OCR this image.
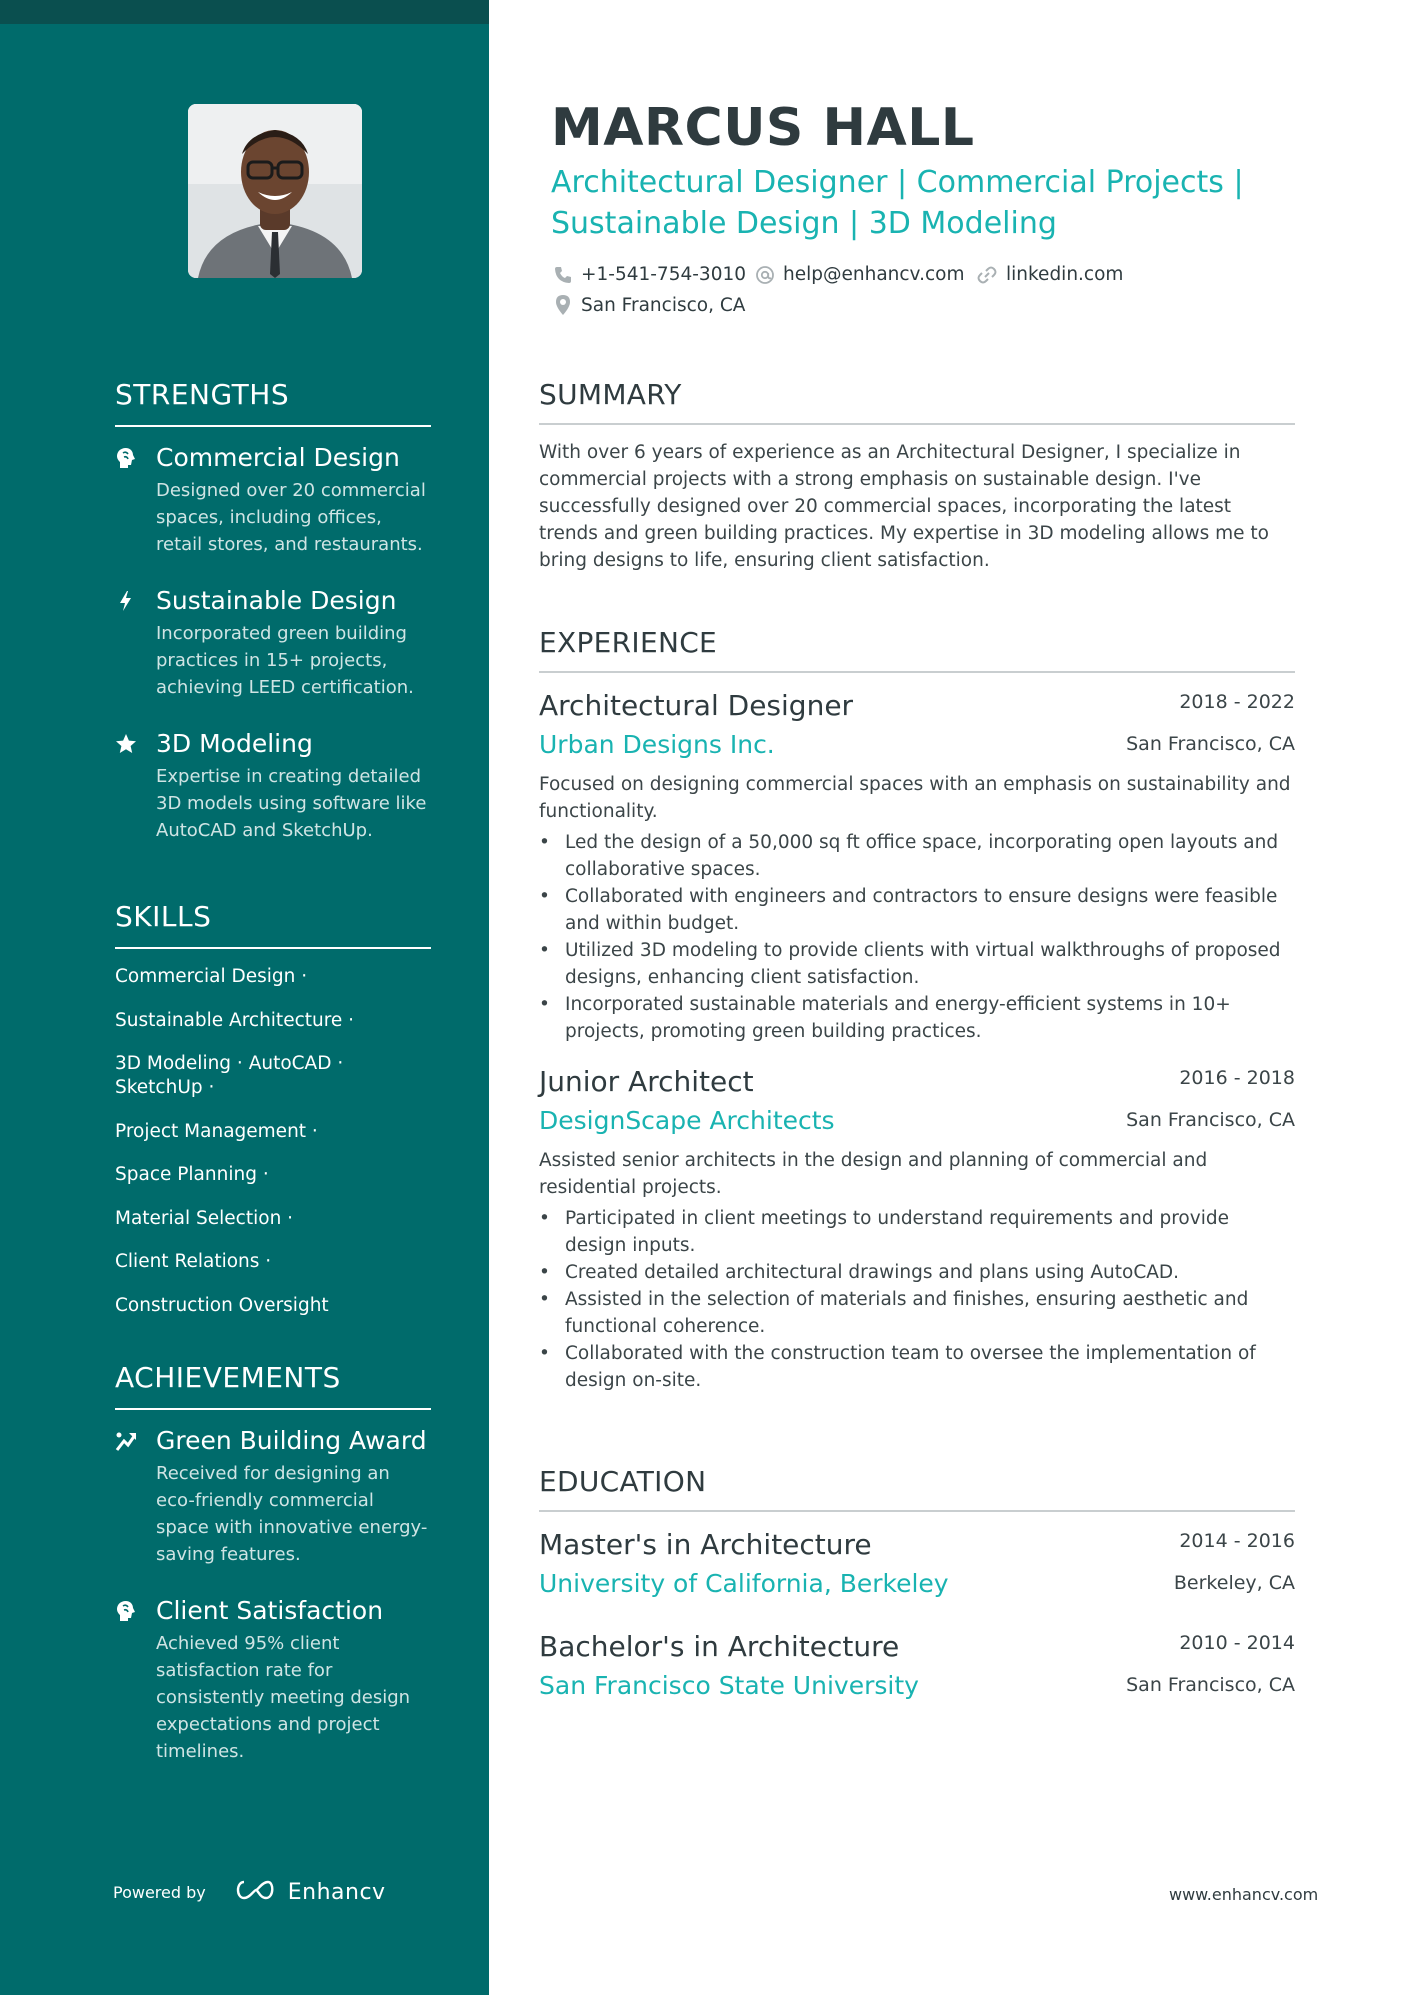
STRENGTHS
Commercial Design
Designed over 20 commercial spaces, including offices, retail stores, and restaurants.
Sustainable Design
Incorporated green building practices in 15+ projects, achieving LEED certification.
3D Modeling
Expertise in creating detailed 3D models using software like AutoCAD and SketchUp.
SKILLS
Commercial Design ·
Sustainable Architecture ·
3D Modeling · AutoCAD · SketchUp ·
Project Management ·
Space Planning ·
Material Selection ·
Client Relations ·
Construction Oversight
ACHIEVEMENTS
Green Building Award
Received for designing an eco-friendly commercial space with innovative energy-saving features.
Client Satisfaction
Achieved 95% client satisfaction rate for consistently meeting design expectations and project timelines.
Powered by	Enhancv
MARCUS HALL
Architectural Designer | Commercial Projects | Sustainable Design | 3D Modeling
+1-541-754-3010 help@enhancv.com linkedin.com
San Francisco, CA
SUMMARY

With over 6 years of experience as an Architectural Designer, I specialize in commercial projects with a strong emphasis on sustainable design. I've successfully designed over 20 commercial spaces, incorporating the latest trends and green building practices. My expertise in 3D modeling allows me to bring designs to life, ensuring client satisfaction.

EXPERIENCE
Architectural Designer	2018 - 2022
Urban Designs Inc.	San Francisco, CA

Focused on designing commercial spaces with an emphasis on sustainability and functionality.

• Led the design of a 50,000 sq ft office space, incorporating open layouts and collaborative spaces.
• Collaborated with engineers and contractors to ensure designs were feasible and within budget.
• Utilized 3D modeling to provide clients with virtual walkthroughs of proposed designs, enhancing client satisfaction.
• Incorporated sustainable materials and energy-efficient systems in 10+ projects, promoting green building practices.
Junior Architect	2016 - 2018
DesignScape Architects	San Francisco, CA

Assisted senior architects in the design and planning of commercial and residential projects.

• Participated in client meetings to understand requirements and provide design inputs.
• Created detailed architectural drawings and plans using AutoCAD.
• Assisted in the selection of materials and finishes, ensuring aesthetic and functional coherence.
• Collaborated with the construction team to oversee the implementation of design on-site.
EDUCATION
Master's in Architecture	2014 - 2016
University of California, Berkeley	Berkeley, CA
Bachelor's in Architecture	2010 - 2014
San Francisco State University	San Francisco, CA
www.enhancv.com
